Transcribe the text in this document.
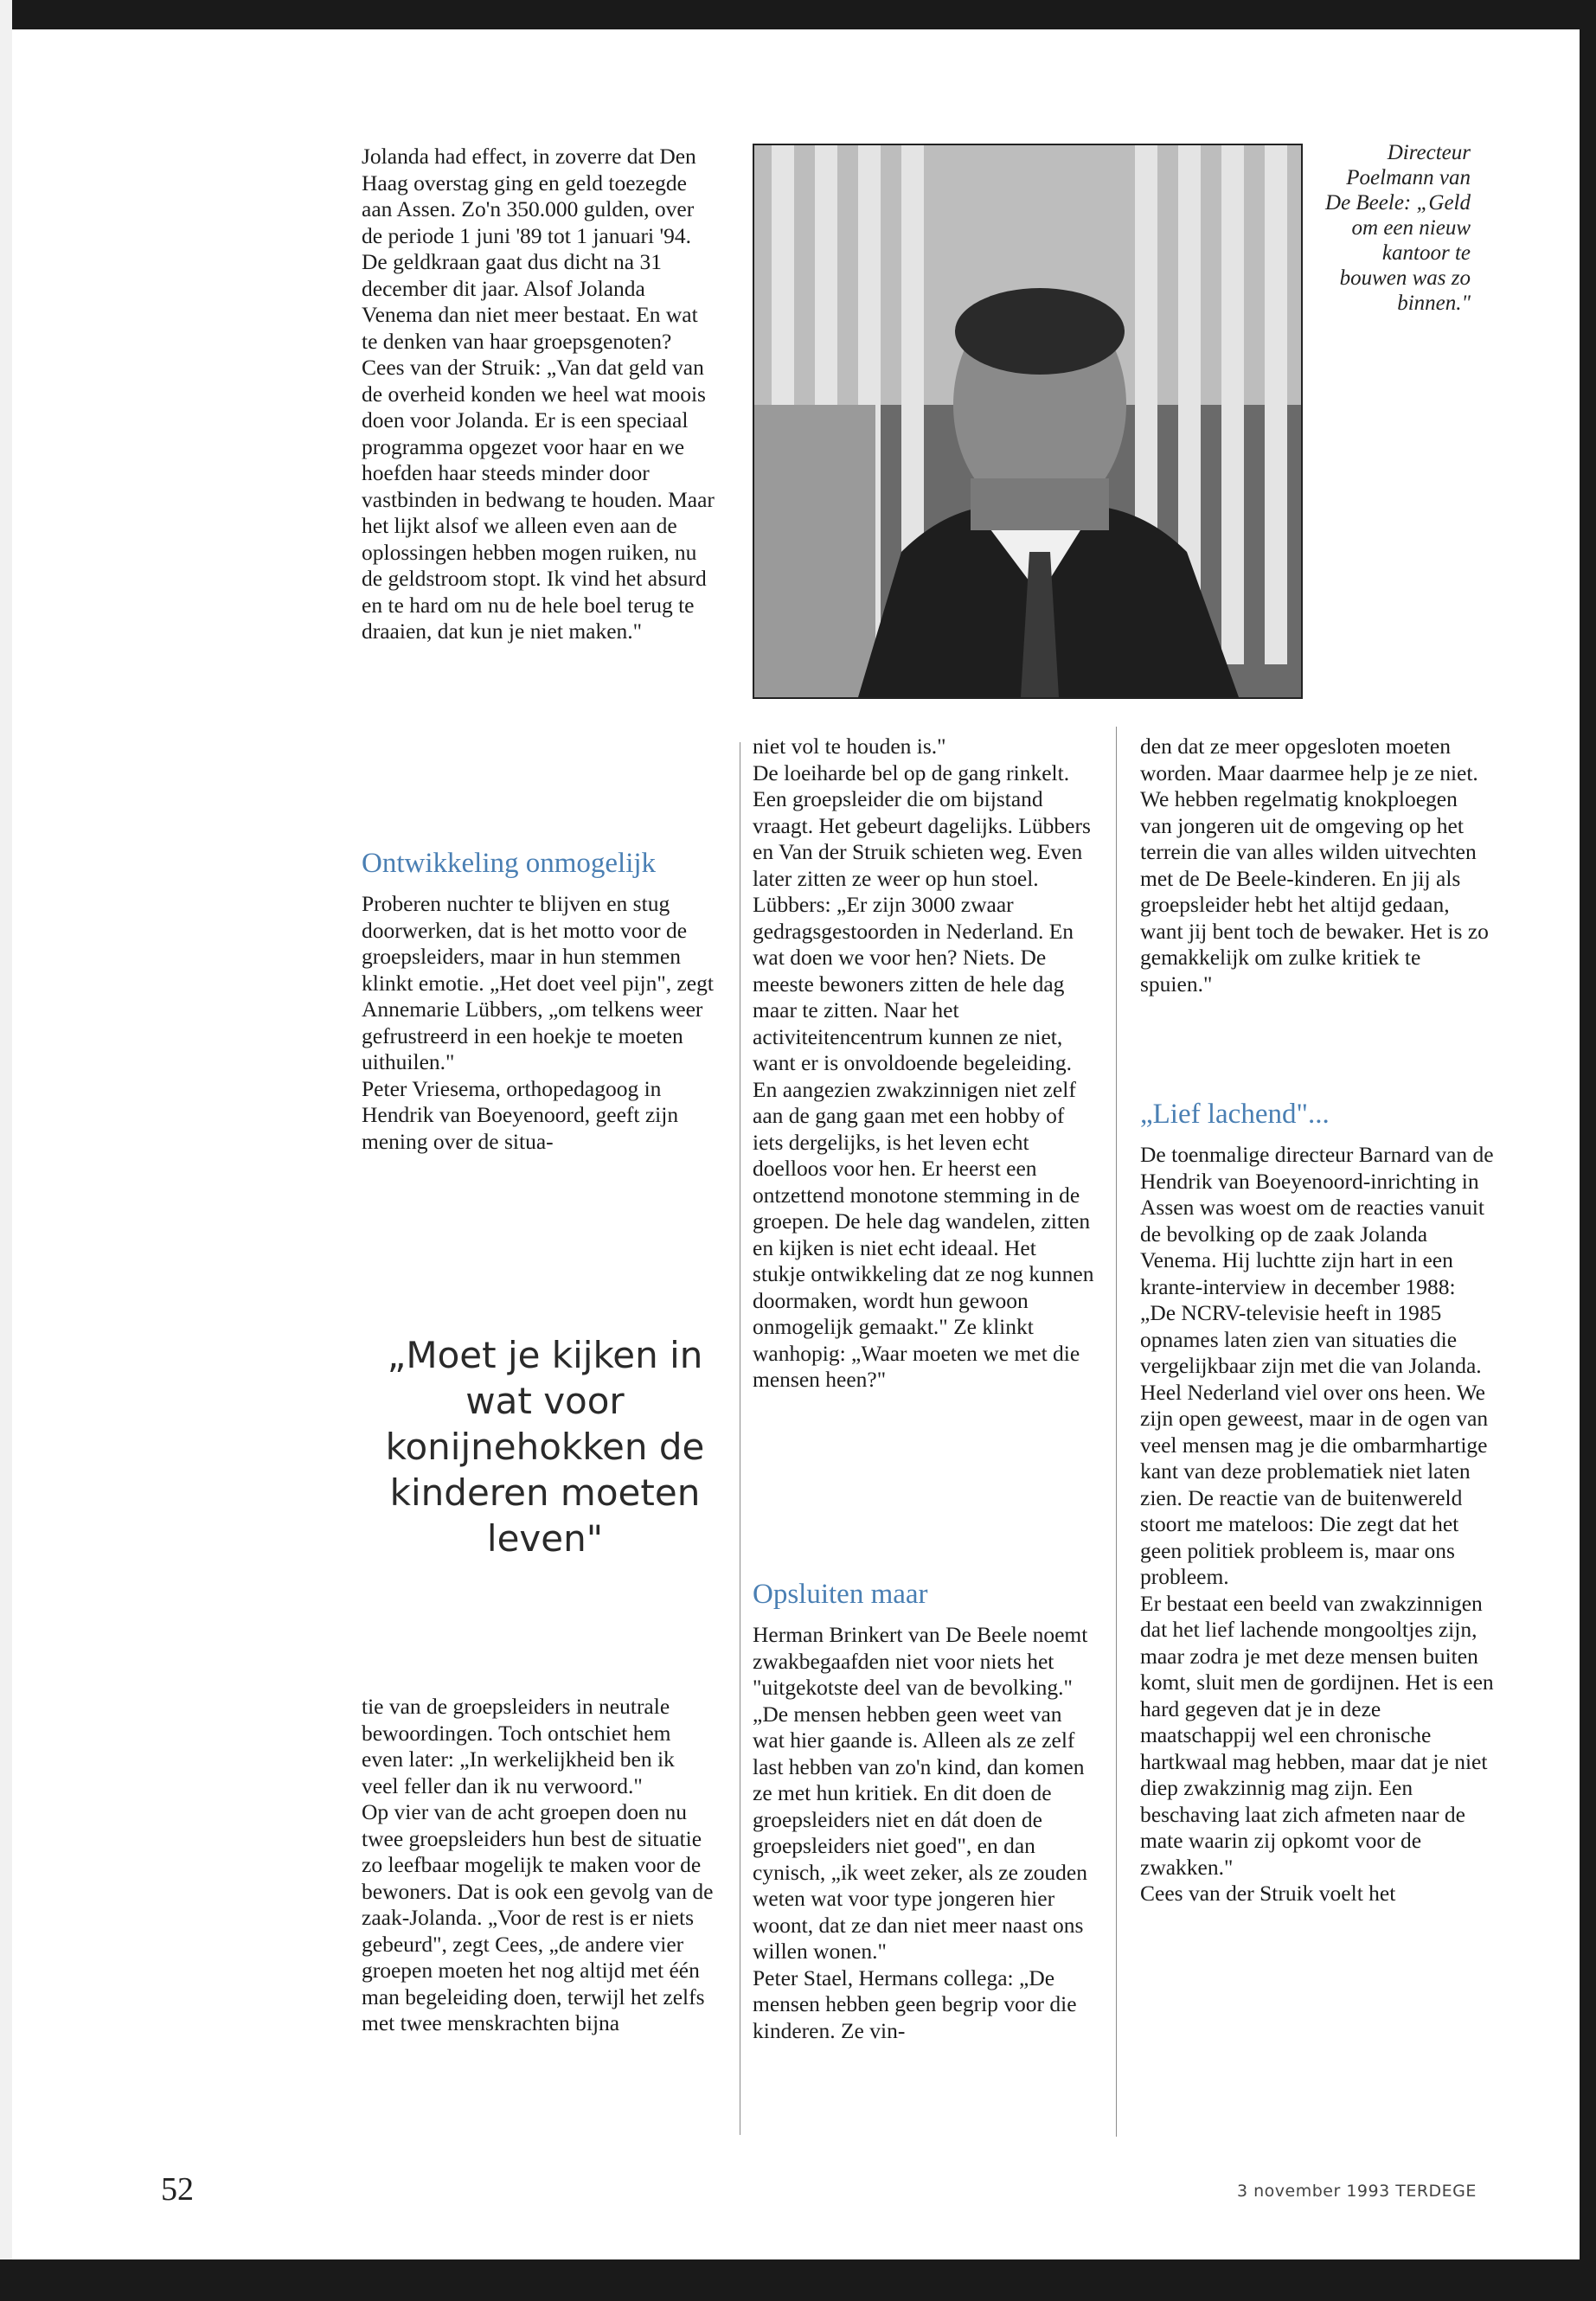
Jolanda had effect, in zoverre dat Den Haag overstag ging en geld toezegde aan Assen. Zo'n 350.000 gulden, over de periode 1 juni '89 tot 1 januari '94. De geldkraan gaat dus dicht na 31 december dit jaar. Alsof Jolanda Venema dan niet meer bestaat. En wat te denken van haar groepsgenoten?

Cees van der Struik: „Van dat geld van de overheid konden we heel wat moois doen voor Jolanda. Er is een speciaal programma opgezet voor haar en we hoefden haar steeds minder door vastbinden in bedwang te houden. Maar het lijkt alsof we alleen even aan de oplossingen hebben mogen ruiken, nu de geldstroom stopt. Ik vind het absurd en te hard om nu de hele boel terug te draaien, dat kun je niet maken."

Ontwikkeling onmogelijk

Proberen nuchter te blijven en stug doorwerken, dat is het motto voor de groepsleiders, maar in hun stemmen klinkt emotie. „Het doet veel pijn", zegt Annemarie Lübbers, „om telkens weer gefrustreerd in een hoekje te moeten uithuilen."

Peter Vriesema, orthopedagoog in Hendrik van Boeyenoord, geeft zijn mening over de situa-

„Moet je kijken in wat voor konijnehokken de kinderen moeten leven"

tie van de groepsleiders in neutrale bewoordingen. Toch ontschiet hem even later: „In werkelijkheid ben ik veel feller dan ik nu verwoord."

Op vier van de acht groepen doen nu twee groepsleiders hun best de situatie zo leefbaar mogelijk te maken voor de bewoners. Dat is ook een gevolg van de zaak-Jolanda. „Voor de rest is er niets gebeurd", zegt Cees, „de andere vier groepen moeten het nog altijd met één man begeleiding doen, terwijl het zelfs met twee menskrachten bijna

Directeur Poelmann van De Beele: „Geld om een nieuw kantoor te bouwen was zo binnen."

niet vol te houden is."

De loeiharde bel op de gang rinkelt. Een groepsleider die om bijstand vraagt. Het gebeurt dagelijks. Lübbers en Van der Struik schieten weg. Even later zitten ze weer op hun stoel.

Lübbers: „Er zijn 3000 zwaar gedragsgestoorden in Nederland. En wat doen we voor hen? Niets. De meeste bewoners zitten de hele dag maar te zitten. Naar het activiteitencentrum kunnen ze niet, want er is onvoldoende begeleiding. En aangezien zwakzinnigen niet zelf aan de gang gaan met een hobby of iets dergelijks, is het leven echt doelloos voor hen. Er heerst een ontzettend monotone stemming in de groepen. De hele dag wandelen, zitten en kijken is niet echt ideaal. Het stukje ontwikkeling dat ze nog kunnen doormaken, wordt hun gewoon onmogelijk gemaakt." Ze klinkt wanhopig: „Waar moeten we met die mensen heen?"

Opsluiten maar

Herman Brinkert van De Beele noemt zwakbegaafden niet voor niets het "uitgekotste deel van de bevolking." „De mensen hebben geen weet van wat hier gaande is. Alleen als ze zelf last hebben van zo'n kind, dan komen ze met hun kritiek. En dit doen de groepsleiders niet en dát doen de groepsleiders niet goed", en dan cynisch, „ik weet zeker, als ze zouden weten wat voor type jongeren hier woont, dat ze dan niet meer naast ons willen wonen."

Peter Stael, Hermans collega: „De mensen hebben geen begrip voor die kinderen. Ze vin-

den dat ze meer opgesloten moeten worden. Maar daarmee help je ze niet.

We hebben regelmatig knokploegen van jongeren uit de omgeving op het terrein die van alles wilden uitvechten met de De Beele-kinderen. En jij als groepsleider hebt het altijd gedaan, want jij bent toch de bewaker. Het is zo gemakkelijk om zulke kritiek te spuien."

„Lief lachend"...

De toenmalige directeur Barnard van de Hendrik van Boeyenoord-inrichting in Assen was woest om de reacties vanuit de bevolking op de zaak Jolanda Venema. Hij luchtte zijn hart in een krante-interview in december 1988: „De NCRV-televisie heeft in 1985 opnames laten zien van situaties die vergelijkbaar zijn met die van Jolanda. Heel Nederland viel over ons heen. We zijn open geweest, maar in de ogen van veel mensen mag je die ombarmhartige kant van deze problematiek niet laten zien. De reactie van de buitenwereld stoort me mateloos: Die zegt dat het geen politiek probleem is, maar ons probleem.

Er bestaat een beeld van zwakzinnigen dat het lief lachende mongooltjes zijn, maar zodra je met deze mensen buiten komt, sluit men de gordijnen. Het is een hard gegeven dat je in deze maatschappij wel een chronische hartkwaal mag hebben, maar dat je niet diep zwakzinnig mag zijn. Een beschaving laat zich afmeten naar de mate waarin zij opkomt voor de zwakken."

Cees van der Struik voelt het

52	3 november 1993 TERDEGE
